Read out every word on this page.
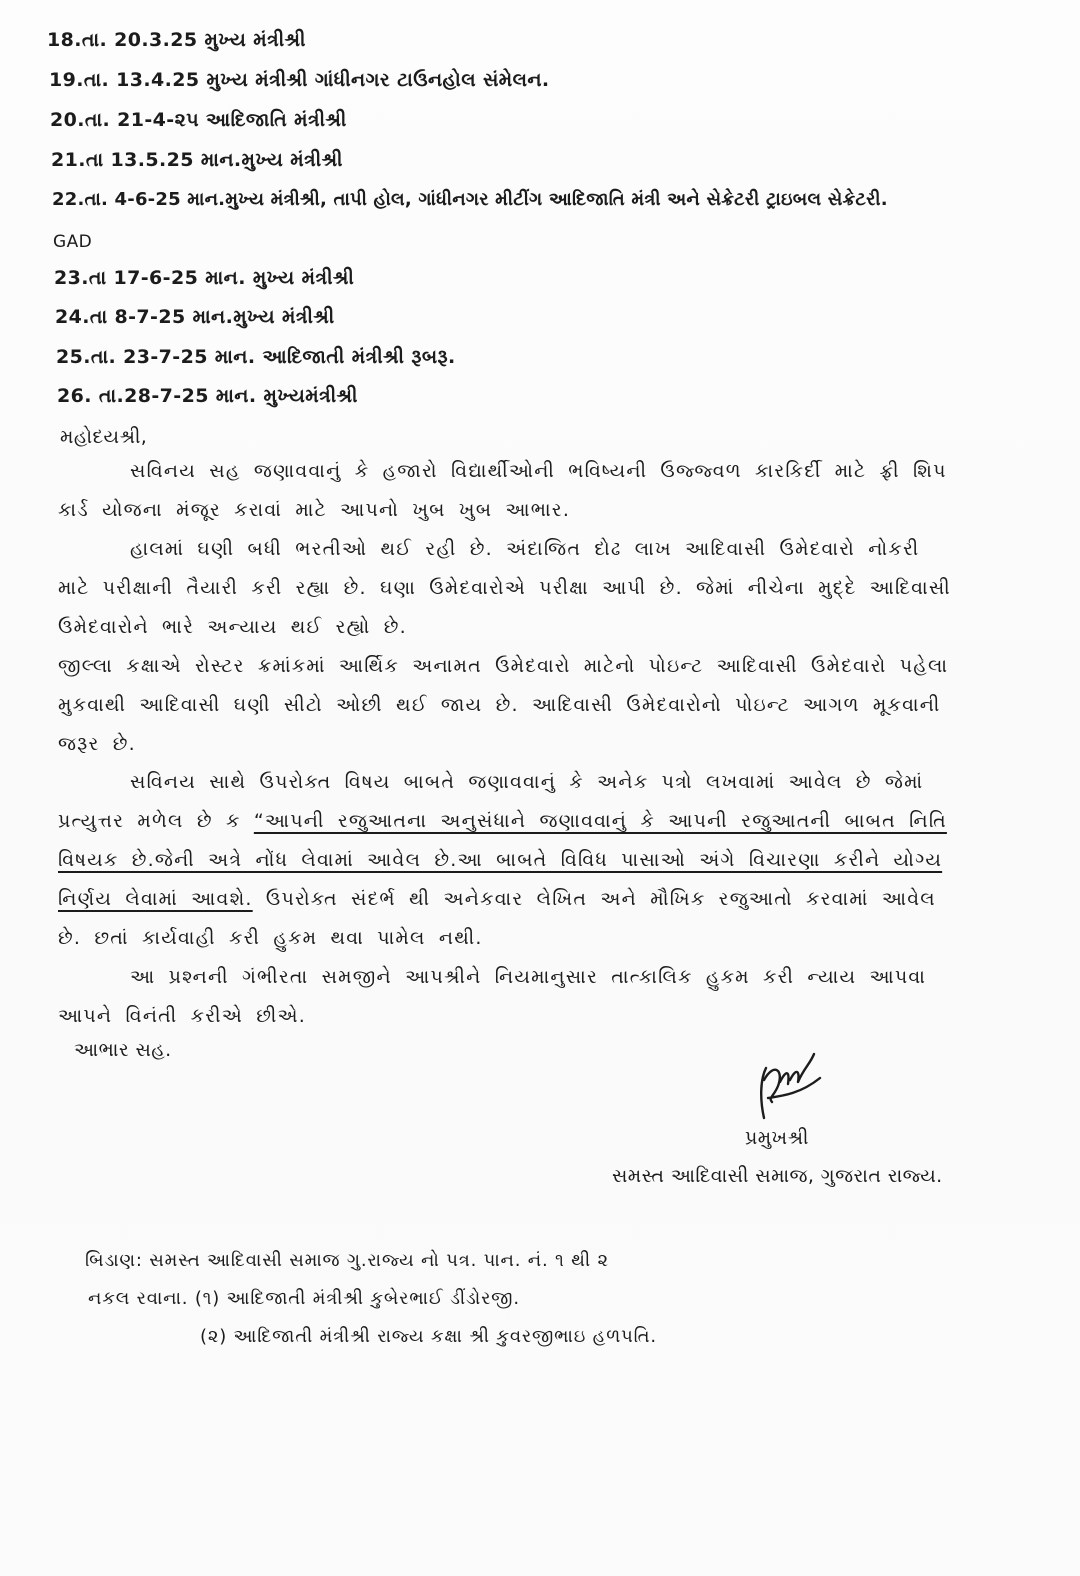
18.તા. 20.3.25 મુખ્ય મંત્રીશ્રી
19.તા. 13.4.25 મુખ્ય મંત્રીશ્રી ગાંધીનગર ટાઉનહોલ સંમેલન.
20.તા. 21-4-૨૫ આદિજાતિ મંત્રીશ્રી
21.તા 13.5.25 માન.મુખ્ય મંત્રીશ્રી
22.તા. 4-6-25 માન.મુખ્ય મંત્રીશ્રી, તાપી હોલ, ગાંધીનગર મીટીંગ આદિજાતિ મંત્રી અને સેક્રેટરી ટ્રાઇબલ સેક્રેટરી.
GAD
23.તા 17-6-25 માન. મુખ્ય મંત્રીશ્રી
24.તા 8-7-25 માન.મુખ્ય મંત્રીશ્રી
25.તા. 23-7-25 માન. આદિજાતી મંત્રીશ્રી રૂબરૂ.
26. તા.28-7-25 માન. મુખ્યમંત્રીશ્રી
મહોદયશ્રી,
સવિનય સહ જણાવવાનું કે હજારો વિદ્યાર્થીઓની ભવિષ્યની ઉજ્જ્વળ કારકિર્દી માટે ફ્રી શિપ કાર્ડ યોજના મંજૂર કરાવાં માટે આપનો ખુબ ખુબ આભાર.
હાલમાં ઘણી બધી ભરતીઓ થઈ રહી છે. અંદાજિત દોઢ લાખ આદિવાસી ઉમેદવારો નોકરી માટે પરીક્ષાની તૈયારી કરી રહ્યા છે. ઘણા ઉમેદવારોએ પરીક્ષા આપી છે. જેમાં નીચેના મુદ્દે આદિવાસી ઉમેદવારોને ભારે અન્યાય થઈ રહ્યો છે.
જીલ્લા કક્ષાએ રોસ્ટર ક્રમાંકમાં આર્થિક અનામત ઉમેદવારો માટેનો પોઇન્ટ આદિવાસી ઉમેદવારો પહેલા મુકવાથી આદિવાસી ઘણી સીટો ઓછી થઈ જાય છે. આદિવાસી ઉમેદવારોનો પોઇન્ટ આગળ મૂકવાની જરૂર છે.
સવિનય સાથે ઉપરોક્ત વિષય બાબતે જણાવવાનું કે અનેક પત્રો લખવામાં આવેલ છે જેમાં પ્રત્યુત્તર મળેલ છે ક “આપની રજુઆતના અનુસંધાને જણાવવાનું કે આપની રજુઆતની બાબત નિતિ વિષયક છે.જેની અત્રે નોંધ લેવામાં આવેલ છે.આ બાબતે વિવિધ પાસાઓ અંગે વિચારણા કરીને યોગ્ય નિર્ણય લેવામાં આવશે. ઉપરોક્ત સંદર્ભ થી અનેકવાર લેખિત અને મૌખિક રજુઆતો કરવામાં આવેલ છે. છતાં કાર્યવાહી કરી હુકમ થવા પામેલ નથી.
આ પ્રશ્નની ગંભીરતા સમજીને આપશ્રીને નિયમાનુસાર તાત્કાલિક હુકમ કરી ન્યાય આપવા આપને વિનંતી કરીએ છીએ.
આભાર સહ.
પ્રમુખશ્રી
સમસ્ત આદિવાસી સમાજ, ગુજરાત રાજ્ય.
બિડાણ: સમસ્ત આદિવાસી સમાજ ગુ.રાજ્ય નો પત્ર. પાન. નં. ૧ થી ૨
નકલ રવાના. (૧) આદિજાતી મંત્રીશ્રી કુબેરભાઈ ડીંડોરજી.
(૨) આદિજાતી મંત્રીશ્રી રાજ્ય કક્ષા શ્રી કુવરજીભાઇ હળપતિ.
